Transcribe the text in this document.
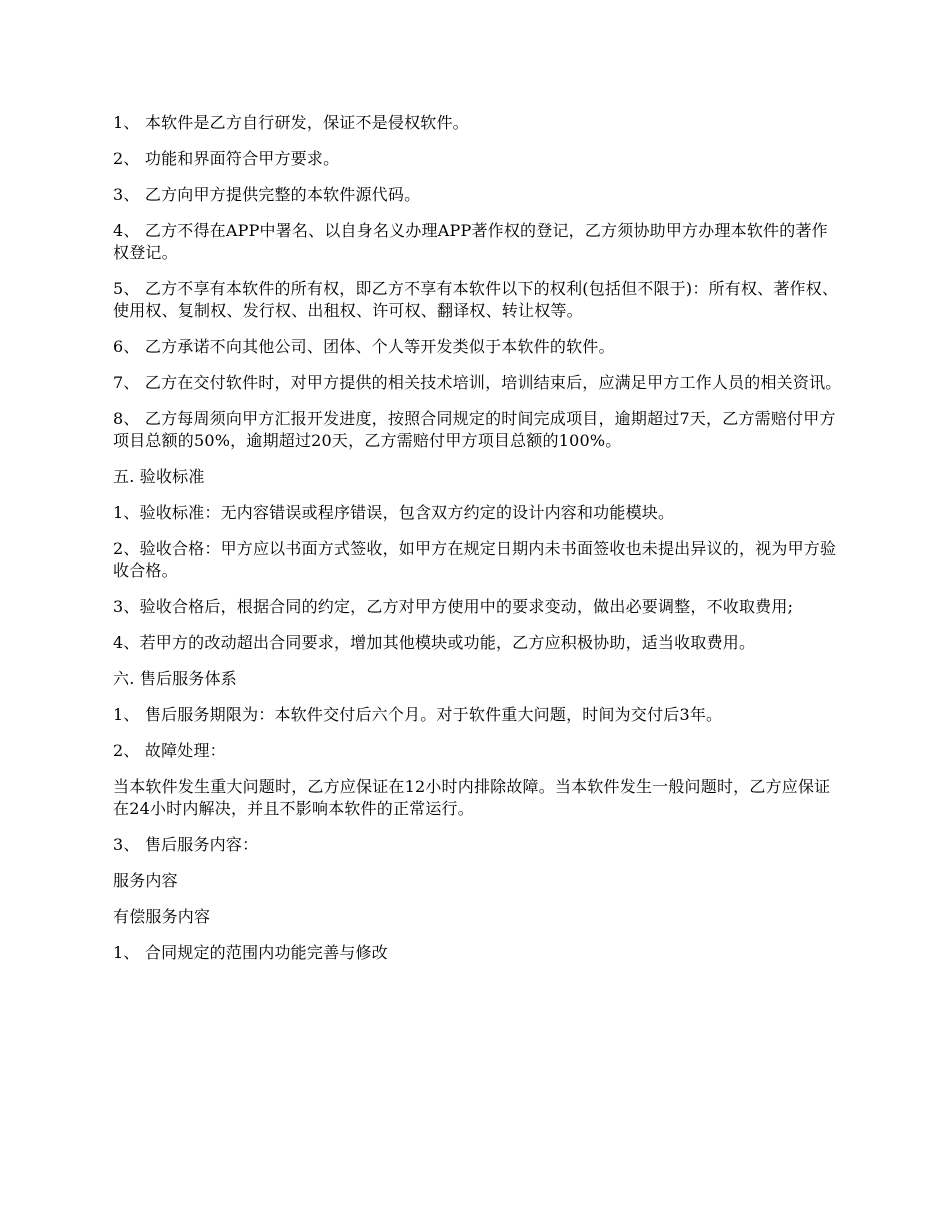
1、 本软件是乙方自行研发，保证不是侵权软件。

2、 功能和界面符合甲方要求。

3、 乙方向甲方提供完整的本软件源代码。

4、 乙方不得在APP中署名、以自身名义办理APP著作权的登记，乙方须协助甲方办理本软件的著作权登记。

5、 乙方不享有本软件的所有权，即乙方不享有本软件以下的权利(包括但不限于)：所有权、著作权、使用权、复制权、发行权、出租权、许可权、翻译权、转让权等。

6、 乙方承诺不向其他公司、团体、个人等开发类似于本软件的软件。

7、 乙方在交付软件时，对甲方提供的相关技术培训，培训结束后，应满足甲方工作人员的相关资讯。

8、 乙方每周须向甲方汇报开发进度，按照合同规定的时间完成项目，逾期超过7天，乙方需赔付甲方项目总额的50%，逾期超过20天，乙方需赔付甲方项目总额的100%。

五. 验收标准

1、验收标准：无内容错误或程序错误，包含双方约定的设计内容和功能模块。

2、验收合格：甲方应以书面方式签收，如甲方在规定日期内未书面签收也未提出异议的，视为甲方验收合格。

3、验收合格后，根据合同的约定，乙方对甲方使用中的要求变动，做出必要调整，不收取费用;

4、若甲方的改动超出合同要求，增加其他模块或功能，乙方应积极协助，适当收取费用。

六. 售后服务体系

1、 售后服务期限为：本软件交付后六个月。对于软件重大问题，时间为交付后3年。

2、 故障处理：

当本软件发生重大问题时，乙方应保证在12小时内排除故障。当本软件发生一般问题时，乙方应保证在24小时内解决，并且不影响本软件的正常运行。

3、 售后服务内容：

服务内容

有偿服务内容

1、 合同规定的范围内功能完善与修改
